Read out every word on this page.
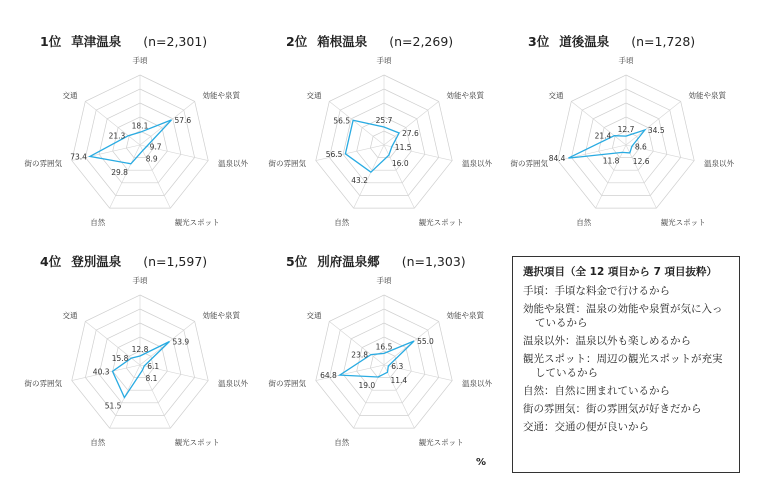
1位 草津温泉 (n=2,301)
手頃
効能や泉質
温泉以外
観光スポット
自然
街の雰囲気
交通
18.1
57.6
9.7
8.9
29.8
73.4
21.3
2位 箱根温泉 (n=2,269)
手頃
効能や泉質
温泉以外
観光スポット
自然
街の雰囲気
交通
25.7
27.6
11.5
16.0
43.2
56.5
56.5
3位 道後温泉 (n=1,728)
手頃
効能や泉質
温泉以外
観光スポット
自然
街の雰囲気
交通
12.7 34.5
8.6
12.6
11.8
84.4
21.4
4位 登別温泉 (n=1,597)
手頃
効能や泉質
温泉以外
観光スポット
自然
街の雰囲気
交通
12.8
53.9
6.1
8.1
51.5
40.3
15.8
5位 別府温泉郷 (n=1,303)
手頃
効能や泉質
温泉以外
観光スポット
自然
街の雰囲気
交通
16.5
55.0
6.3
11.4
19.0
64.8
23.8
%
選択項目（全 12 項目から 7 項目抜粋）
手頃：手頃な料金で行けるから
効能や泉質：温泉の効能や泉質が気に入っているから
温泉以外：温泉以外も楽しめるから
観光スポット：周辺の観光スポットが充実しているから
自然：自然に囲まれているから
街の雰囲気：街の雰囲気が好きだから
交通：交通の便が良いから
